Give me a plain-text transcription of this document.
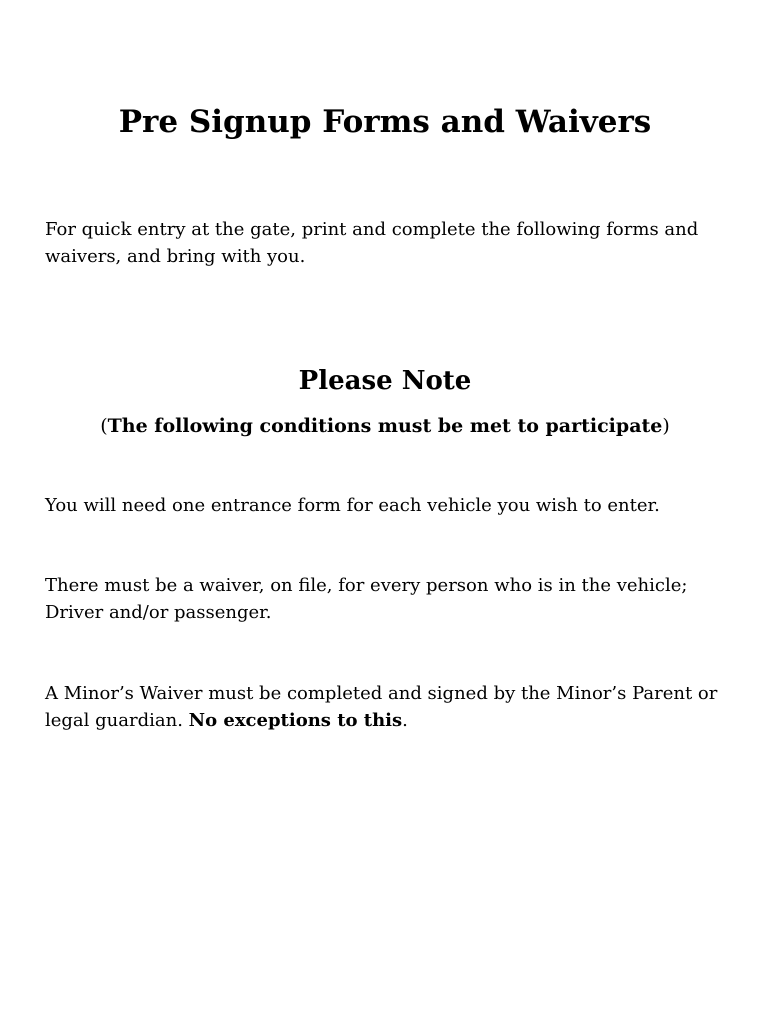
Pre Signup Forms and Waivers

For quick entry at the gate, print and complete the following forms and waivers, and bring with you.

Please Note

(The following conditions must be met to participate)

You will need one entrance form for each vehicle you wish to enter.

There must be a waiver, on file, for every person who is in the vehicle; Driver and/or passenger.

A Minor’s Waiver must be completed and signed by the Minor’s Parent or legal guardian. No exceptions to this.
